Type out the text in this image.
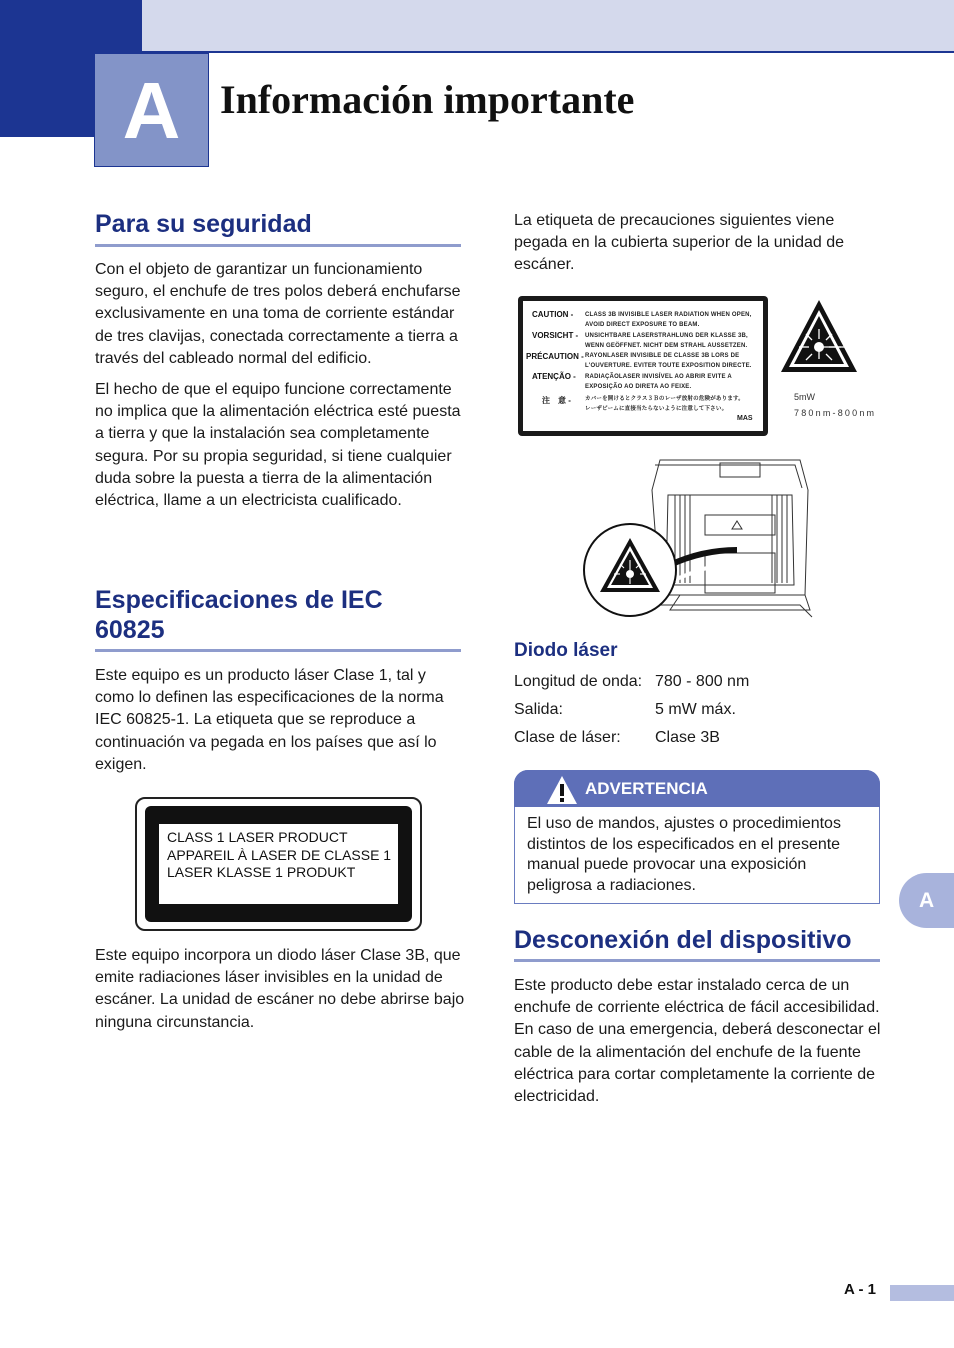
A Información importante
Para su seguridad

Con el objeto de garantizar un funcionamiento seguro, el enchufe de tres polos deberá enchufarse exclusivamente en una toma de corriente estándar de tres clavijas, conectada correctamente a tierra a través del cableado normal del edificio.

El hecho de que el equipo funcione correctamente no implica que la alimentación eléctrica esté puesta a tierra y que la instalación sea completamente segura. Por su propia seguridad, si tiene cualquier duda sobre la puesta a tierra de la alimentación eléctrica, llame a un electricista cualificado.

Especificaciones de IEC
60825
Este equipo es un producto láser Clase 1, tal y como lo definen las especificaciones de la norma IEC 60825-1. La etiqueta que se reproduce a continuación va pegada en los países que así lo exigen.
CLASS 1 LASER PRODUCT
APPAREIL À LASER DE CLASSE 1
LASER KLASSE 1 PRODUKT
Este equipo incorpora un diodo láser Clase 3B, que emite radiaciones láser invisibles en la unidad de escáner. La unidad de escáner no debe abrirse bajo ninguna circunstancia.
La etiqueta de precauciones siguientes viene pegada en la cubierta superior de la unidad de escáner.
CAUTION -	CLASS 3B INVISIBLE LASER RADIATION WHEN OPEN,
AVOID DIRECT EXPOSURE TO BEAM.
VORSICHT - UNSICHTBARE LASERSTRAHLUNG DER KLASSE 3B,
WENN GEÖFFNET. NICHT DEM STRAHL AUSSETZEN.
PRÉCAUTION - RAYONLASER INVISIBLE DE CLASSE 3B LORS DE
L'OUVERTURE. EVITER TOUTE EXPOSITION DIRECTE.
ATENÇÃO - RADIAÇÃOLASER INVISÍVEL AO ABRIR EVITE A
EXPOSIÇÃO AO DIRETA AO FEIXE.
注　意 -	カバーを開けるとクラス３Ｂのレーザ放射の危険があります。
レーザビームに直接当たらないように注意して下さい。
MAS
5mW
780nm-800nm
Diodo láser
Longitud de onda: 780 - 800 nm
Salida:	5 mW máx.
Clase de láser: Clase 3B
ADVERTENCIA
El uso de mandos, ajustes o procedimientos distintos de los especificados en el presente manual puede provocar una exposición peligrosa a radiaciones.
Desconexión del dispositivo
Este producto debe estar instalado cerca de un enchufe de corriente eléctrica de fácil accesibilidad. En caso de una emergencia, deberá desconectar el cable de la alimentación del enchufe de la fuente eléctrica para cortar completamente la corriente de electricidad.
A
A - 1
